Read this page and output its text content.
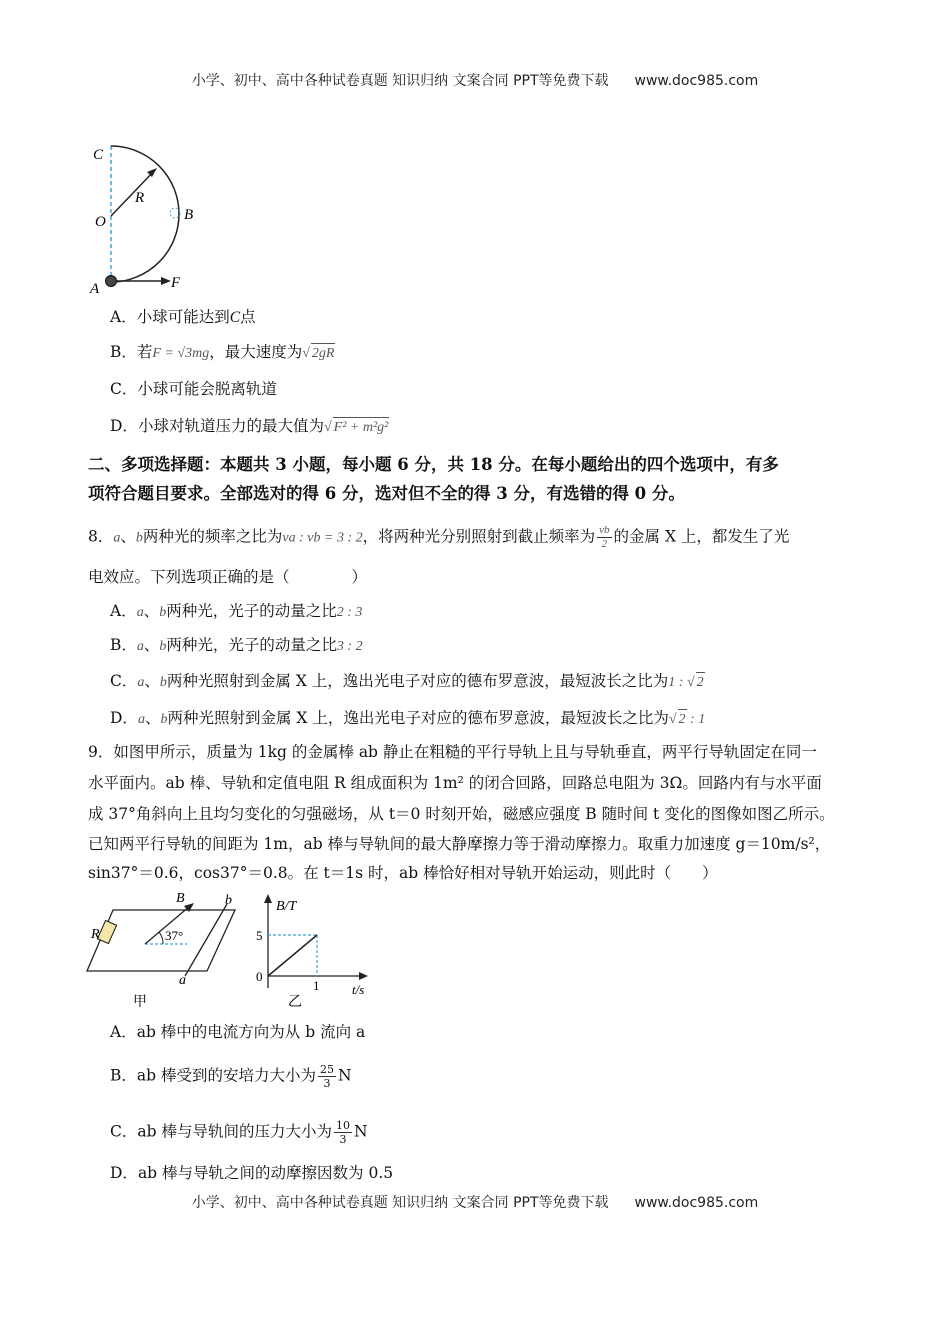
小学、初中、高中各种试卷真题 知识归纳 文案合同 PPT等免费下载 www.doc985.com
C
R
O	B
A	F
A．小球可能达到C点
B．若F = √3mg，最大速度为√ 2gR
C．小球可能会脱离轨道
D．小球对轨道压力的最大值为√ F² + m²g²
二、多项选择题：本题共 3 小题，每小题 6 分，共 18 分。在每小题给出的四个选项中，有多
项符合题目要求。全部选对的得 6 分，选对但不全的得 3 分，有选错的得 0 分。
8．a、b两种光的频率之比为νa : νb = 3 : 2，将两种光分别照射到截止频率为 $\frac{\nu b}{2}$ 的金属 X 上，都发生了光
电效应。下列选项正确的是（　　　　）
A．a、b两种光，光子的动量之比2 : 3
B．a、b两种光，光子的动量之比3 : 2
C．a、b两种光照射到金属 X 上，逸出光电子对应的德布罗意波，最短波长之比为1 : √ 2
D．a、b两种光照射到金属 X 上，逸出光电子对应的德布罗意波，最短波长之比为√ 2 : 1
9．如图甲所示，质量为 1kg 的金属棒 ab 静止在粗糙的平行导轨上且与导轨垂直，两平行导轨固定在同一
水平面内。ab 棒、导轨和定值电阻 R 组成面积为 1m² 的闭合回路，回路总电阻为 3Ω。回路内有与水平面
成 37°角斜向上且均匀变化的匀强磁场，从 t＝0 时刻开始，磁感应强度 B 随时间 t 变化的图像如图乙所示。
已知两平行导轨的间距为 1m，ab 棒与导轨间的最大静摩擦力等于滑动摩擦力。取重力加速度 g＝10m/s²，
sin37°＝0.6，cos37°＝0.8。在 t＝1s 时，ab 棒恰好相对导轨开始运动，则此时（　　）
B	b
R	37°
a
甲
B/T
5
0
1	t/s
乙
A．ab 棒中的电流方向为从 b 流向 a
B．ab 棒受到的安培力大小为 $\frac{25}{3}$ N
C．ab 棒与导轨间的压力大小为 $\frac{10}{3}$ N
D．ab 棒与导轨之间的动摩擦因数为 0.5
小学、初中、高中各种试卷真题 知识归纳 文案合同 PPT等免费下载 www.doc985.com
